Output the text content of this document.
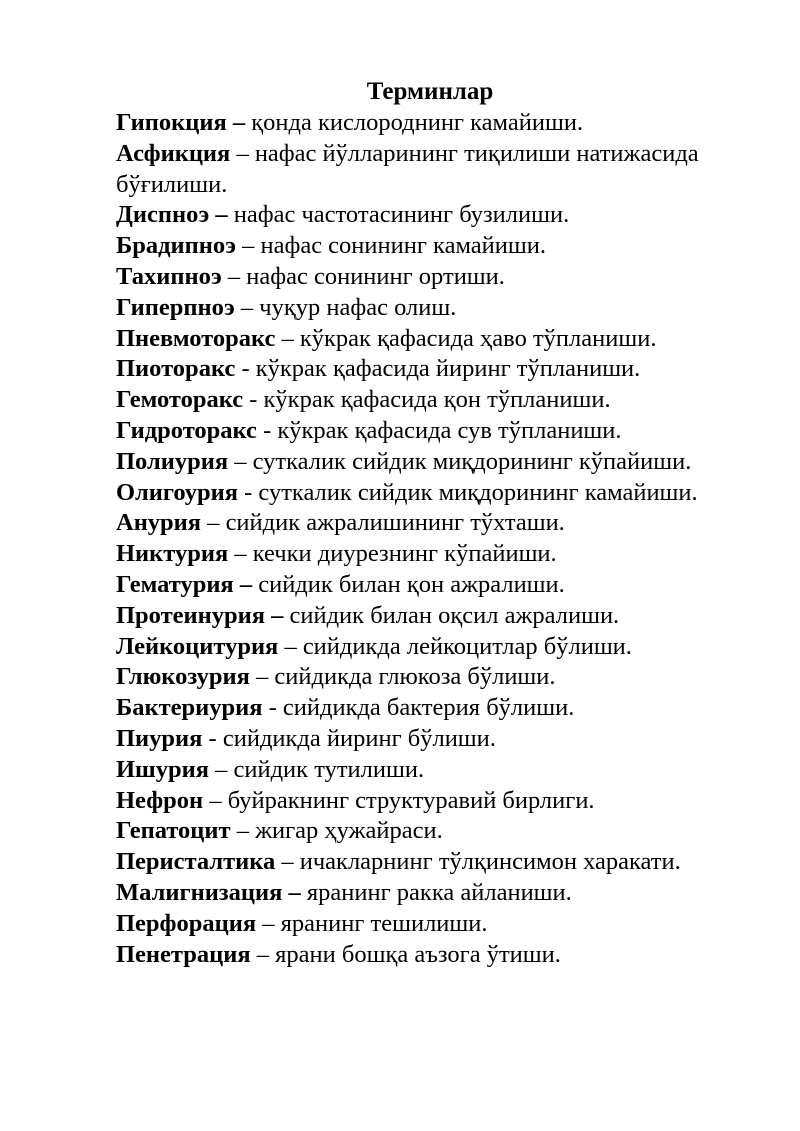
Терминлар
Гипокция – қонда кислороднинг камайиши.
Асфикция – нафас йўлларининг тиқилиши натижасида бўғилиши.
Диспноэ – нафас частотасининг бузилиши.
Брадипноэ – нафас сонининг камайиши.
Тахипноэ – нафас сонининг ортиши.
Гиперпноэ – чуқур нафас олиш.
Пневмоторакс – кўкрак қафасида ҳаво тўпланиши.
Пиоторакс - кўкрак қафасида йиринг тўпланиши.
Гемоторакс - кўкрак қафасида қон тўпланиши.
Гидроторакс - кўкрак қафасида сув тўпланиши.
Полиурия – суткалик сийдик миқдорининг кўпайиши.
Олигоурия - суткалик сийдик миқдорининг камайиши.
Анурия – сийдик ажралишининг тўхташи.
Никтурия – кечки диурезнинг кўпайиши.
Гематурия – сийдик билан қон ажралиши.
Протеинурия – сийдик билан оқсил ажралиши.
Лейкоцитурия – сийдикда лейкоцитлар бўлиши.
Глюкозурия – сийдикда глюкоза бўлиши.
Бактериурия - сийдикда бактерия бўлиши.
Пиурия - сийдикда йиринг бўлиши.
Ишурия – сийдик тутилиши.
Нефрон – буйракнинг структуравий бирлиги.
Гепатоцит – жигар ҳужайраси.
Перисталтика – ичакларнинг тўлқинсимон харакати.
Малигнизация – яранинг ракка айланиши.
Перфорация – яранинг тешилиши.
Пенетрация – ярани бошқа аъзога ўтиши.
